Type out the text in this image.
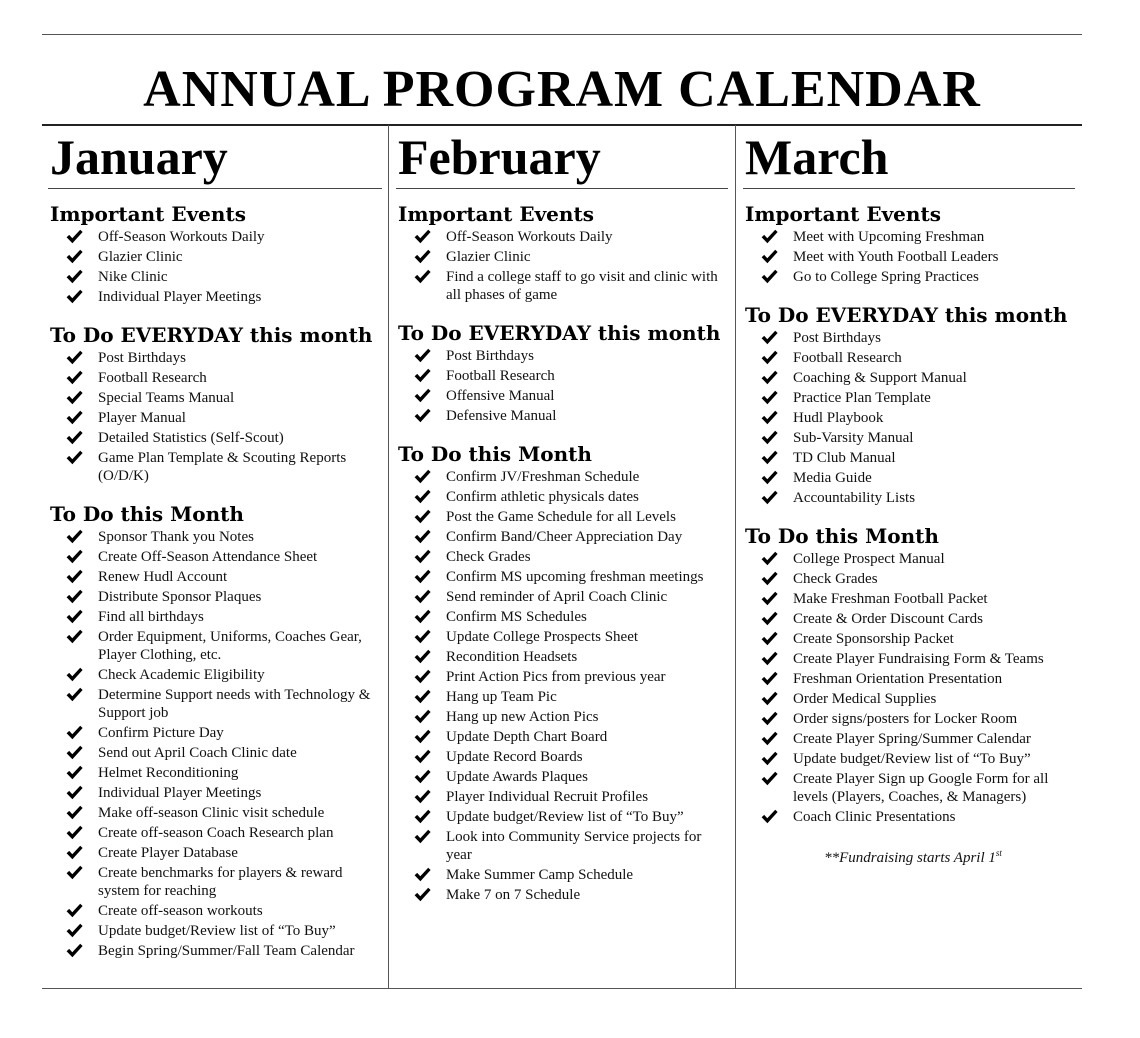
ANNUAL PROGRAM CALENDAR
January
Important Events
Off-Season Workouts Daily
Glazier Clinic
Nike Clinic
Individual Player Meetings
To Do EVERYDAY this month
Post Birthdays
Football Research
Special Teams Manual
Player Manual
Detailed Statistics (Self-Scout)
Game Plan Template & Scouting Reports (O/D/K)
To Do this Month
Sponsor Thank you Notes
Create Off-Season Attendance Sheet
Renew Hudl Account
Distribute Sponsor Plaques
Find all birthdays
Order Equipment, Uniforms, Coaches Gear, Player Clothing, etc.
Check Academic Eligibility
Determine Support needs with Technology & Support job
Confirm Picture Day
Send out April Coach Clinic date
Helmet Reconditioning
Individual Player Meetings
Make off-season Clinic visit schedule
Create off-season Coach Research plan
Create Player Database
Create benchmarks for players & reward system for reaching
Create off-season workouts
Update budget/Review list of “To Buy”
Begin Spring/Summer/Fall Team Calendar
February
Important Events
Off-Season Workouts Daily
Glazier Clinic
Find a college staff to go visit and clinic with all phases of game
To Do EVERYDAY this month
Post Birthdays
Football Research
Offensive Manual
Defensive Manual
To Do this Month
Confirm JV/Freshman Schedule
Confirm athletic physicals dates
Post the Game Schedule for all Levels
Confirm Band/Cheer Appreciation Day
Check Grades
Confirm MS upcoming freshman meetings
Send reminder of April Coach Clinic
Confirm MS Schedules
Update College Prospects Sheet
Recondition Headsets
Print Action Pics from previous year
Hang up Team Pic
Hang up new Action Pics
Update Depth Chart Board
Update Record Boards
Update Awards Plaques
Player Individual Recruit Profiles
Update budget/Review list of “To Buy”
Look into Community Service projects for year
Make Summer Camp Schedule
Make 7 on 7 Schedule
March
Important Events
Meet with Upcoming Freshman
Meet with Youth Football Leaders
Go to College Spring Practices
To Do EVERYDAY this month
Post Birthdays
Football Research
Coaching & Support Manual
Practice Plan Template
Hudl Playbook
Sub-Varsity Manual
TD Club Manual
Media Guide
Accountability Lists
To Do this Month
College Prospect Manual
Check Grades
Make Freshman Football Packet
Create & Order Discount Cards
Create Sponsorship Packet
Create Player Fundraising Form & Teams
Freshman Orientation Presentation
Order Medical Supplies
Order signs/posters for Locker Room
Create Player Spring/Summer Calendar
Update budget/Review list of “To Buy”
Create Player Sign up Google Form for all levels (Players, Coaches, & Managers)
Coach Clinic Presentations
**Fundraising starts April 1st
